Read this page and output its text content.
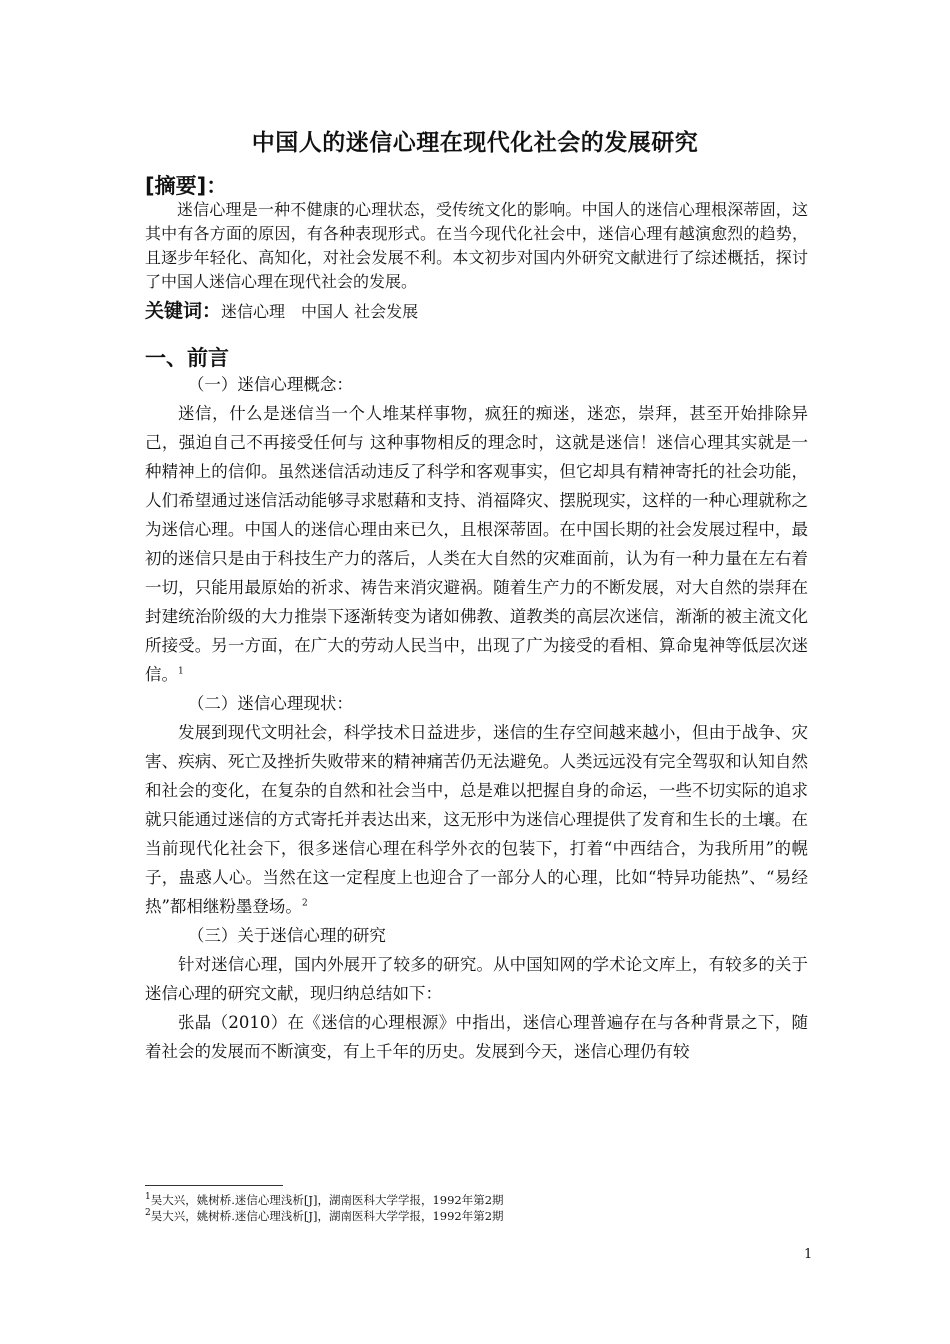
中国人的迷信心理在现代化社会的发展研究
[摘要]：

迷信心理是一种不健康的心理状态，受传统文化的影响。中国人的迷信心理根深蒂固，这其中有各方面的原因，有各种表现形式。在当今现代化社会中，迷信心理有越演愈烈的趋势，且逐步年轻化、高知化，对社会发展不利。本文初步对国内外研究文献进行了综述概括，探讨了中国人迷信心理在现代社会的发展。

关键词：迷信心理　中国人 社会发展
一、前言

（一）迷信心理概念：

迷信，什么是迷信当一个人堆某样事物，疯狂的痴迷，迷恋，崇拜，甚至开始排除异己，强迫自己不再接受任何与 这种事物相反的理念时，这就是迷信！迷信心理其实就是一种精神上的信仰。虽然迷信活动违反了科学和客观事实，但它却具有精神寄托的社会功能，人们希望通过迷信活动能够寻求慰藉和支持、消福降灾、摆脱现实，这样的一种心理就称之为迷信心理。中国人的迷信心理由来已久，且根深蒂固。在中国长期的社会发展过程中，最初的迷信只是由于科技生产力的落后，人类在大自然的灾难面前，认为有一种力量在左右着一切，只能用最原始的祈求、祷告来消灾避祸。随着生产力的不断发展，对大自然的崇拜在封建统治阶级的大力推崇下逐渐转变为诸如佛教、道教类的高层次迷信，渐渐的被主流文化所接受。另一方面，在广大的劳动人民当中，出现了广为接受的看相、算命鬼神等低层次迷信。$^1$

（二）迷信心理现状：

发展到现代文明社会，科学技术日益进步，迷信的生存空间越来越小，但由于战争、灾害、疾病、死亡及挫折失败带来的精神痛苦仍无法避免。人类远远没有完全驾驭和认知自然和社会的变化，在复杂的自然和社会当中，总是难以把握自身的命运，一些不切实际的追求就只能通过迷信的方式寄托并表达出来，这无形中为迷信心理提供了发育和生长的土壤。在当前现代化社会下，很多迷信心理在科学外衣的包装下，打着“中西结合，为我所用”的幌子，蛊惑人心。当然在这一定程度上也迎合了一部分人的心理，比如“特异功能热”、“易经热”都相继粉墨登场。$^2$

（三）关于迷信心理的研究

针对迷信心理，国内外展开了较多的研究。从中国知网的学术论文库上，有较多的关于迷信心理的研究文献，现归纳总结如下：

张晶（2010）在《迷信的心理根源》中指出，迷信心理普遍存在与各种背景之下，随着社会的发展而不断演变，有上千年的历史。发展到今天，迷信心理仍有较

$^1$吴大兴，姚树桥.迷信心理浅析[J]，湖南医科大学学报，1992年第2期
$^2$吴大兴，姚树桥.迷信心理浅析[J]，湖南医科大学学报，1992年第2期
1
